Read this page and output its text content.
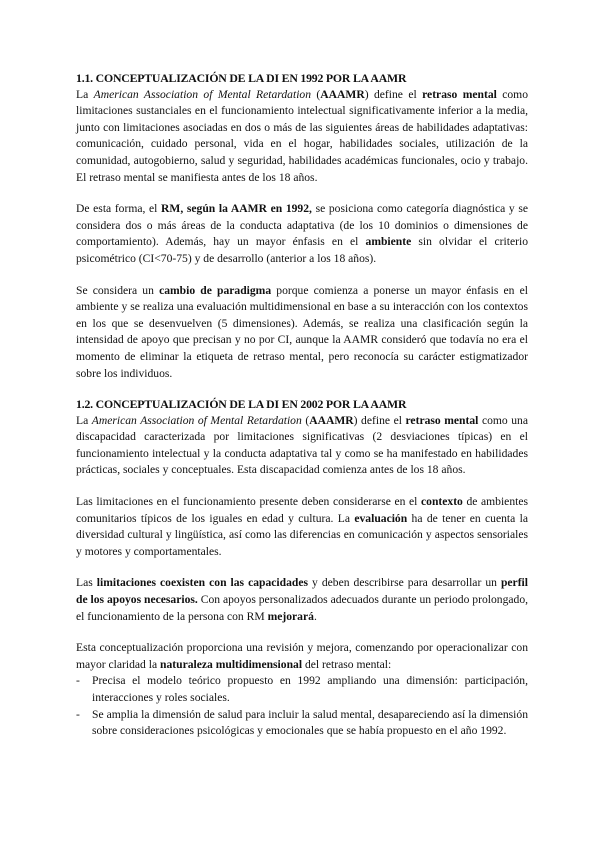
1.1. CONCEPTUALIZACIÓN DE LA DI EN 1992 POR LA AAMR

La American Association of Mental Retardation (AAAMR) define el retraso mental como limitaciones sustanciales en el funcionamiento intelectual significativamente inferior a la media, junto con limitaciones asociadas en dos o más de las siguientes áreas de habilidades adaptativas: comunicación, cuidado personal, vida en el hogar, habilidades sociales, utilización de la comunidad, autogobierno, salud y seguridad, habilidades académicas funcionales, ocio y trabajo. El retraso mental se manifiesta antes de los 18 años.

De esta forma, el RM, según la AAMR en 1992, se posiciona como categoría diagnóstica y se considera dos o más áreas de la conducta adaptativa (de los 10 dominios o dimensiones de comportamiento). Además, hay un mayor énfasis en el ambiente sin olvidar el criterio psicométrico (CI<70-75) y de desarrollo (anterior a los 18 años).

Se considera un cambio de paradigma porque comienza a ponerse un mayor énfasis en el ambiente y se realiza una evaluación multidimensional en base a su interacción con los contextos en los que se desenvuelven (5 dimensiones). Además, se realiza una clasificación según la intensidad de apoyo que precisan y no por CI, aunque la AAMR consideró que todavía no era el momento de eliminar la etiqueta de retraso mental, pero reconocía su carácter estigmatizador sobre los individuos.

1.2. CONCEPTUALIZACIÓN DE LA DI EN 2002 POR LA AAMR

La American Association of Mental Retardation (AAAMR) define el retraso mental como una discapacidad caracterizada por limitaciones significativas (2 desviaciones típicas) en el funcionamiento intelectual y la conducta adaptativa tal y como se ha manifestado en habilidades prácticas, sociales y conceptuales. Esta discapacidad comienza antes de los 18 años.

Las limitaciones en el funcionamiento presente deben considerarse en el contexto de ambientes comunitarios típicos de los iguales en edad y cultura. La evaluación ha de tener en cuenta la diversidad cultural y lingüística, así como las diferencias en comunicación y aspectos sensoriales y motores y comportamentales.

Las limitaciones coexisten con las capacidades y deben describirse para desarrollar un perfil de los apoyos necesarios. Con apoyos personalizados adecuados durante un periodo prolongado, el funcionamiento de la persona con RM mejorará.

Esta conceptualización proporciona una revisión y mejora, comenzando por operacionalizar con mayor claridad la naturaleza multidimensional del retraso mental:

- Precisa el modelo teórico propuesto en 1992 ampliando una dimensión: participación, interacciones y roles sociales.
- Se amplia la dimensión de salud para incluir la salud mental, desapareciendo así la dimensión sobre consideraciones psicológicas y emocionales que se había propuesto en el año 1992.
